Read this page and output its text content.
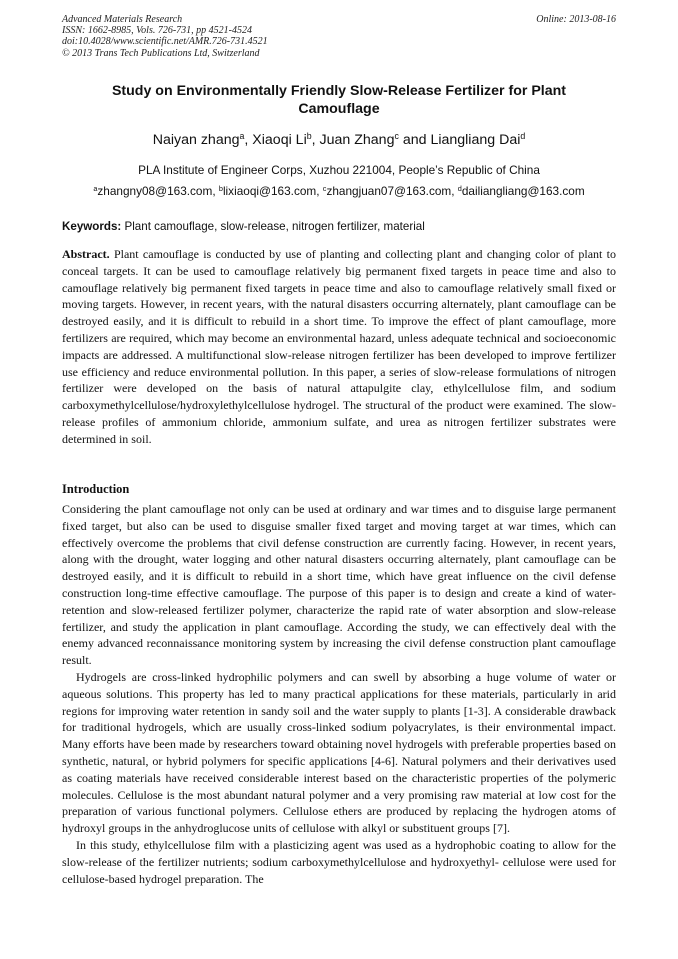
Advanced Materials Research
ISSN: 1662-8985, Vols. 726-731, pp 4521-4524
doi:10.4028/www.scientific.net/AMR.726-731.4521
© 2013 Trans Tech Publications Ltd, Switzerland
Online: 2013-08-16
Study on Environmentally Friendly Slow-Release Fertilizer for Plant Camouflage
Naiyan zhang$^a$, Xiaoqi Li$^b$, Juan Zhang$^c$ and Liangliang Dai$^d$
PLA Institute of Engineer Corps, Xuzhou 221004, People’s Republic of China
$^a$zhangny08@163.com, $^b$lixiaoqi@163.com, $^c$zhangjuan07@163.com, $^d$dailiangliang@163.com
Keywords: Plant camouflage, slow-release, nitrogen fertilizer, material
Abstract. Plant camouflage is conducted by use of planting and collecting plant and changing color of plant to conceal targets. It can be used to camouflage relatively big permanent fixed targets in peace time and also to camouflage relatively big permanent fixed targets in peace time and also to camouflage relatively small fixed or moving targets. However, in recent years, with the natural disasters occurring alternately, plant camouflage can be destroyed easily, and it is difficult to rebuild in a short time. To improve the effect of plant camouflage, more fertilizers are required, which may become an environmental hazard, unless adequate technical and socioeconomic impacts are addressed. A multifunctional slow-release nitrogen fertilizer has been developed to improve fertilizer use efficiency and reduce environmental pollution. In this paper, a series of slow-release formulations of nitrogen fertilizer were developed on the basis of natural attapulgite clay, ethylcellulose film, and sodium carboxymethylcellulose/hydroxylethylcellulose hydrogel. The structural of the product were examined. The slow-release profiles of ammonium chloride, ammonium sulfate, and urea as nitrogen fertilizer substrates were determined in soil.
Introduction

Considering the plant camouflage not only can be used at ordinary and war times and to disguise large permanent fixed target, but also can be used to disguise smaller fixed target and moving target at war times, which can effectively overcome the problems that civil defense construction are currently facing. However, in recent years, along with the drought, water logging and other natural disasters occurring alternately, plant camouflage can be destroyed easily, and it is difficult to rebuild in a short time, which have great influence on the civil defense construction long-time effective camouflage. The purpose of this paper is to design and create a kind of water-retention and slow-released fertilizer polymer, characterize the rapid rate of water absorption and slow-release fertilizer, and study the application in plant camouflage. According the study, we can effectively deal with the enemy advanced reconnaissance monitoring system by increasing the civil defense construction plant camouflage result.

Hydrogels are cross-linked hydrophilic polymers and can swell by absorbing a huge volume of water or aqueous solutions. This property has led to many practical applications for these materials, particularly in arid regions for improving water retention in sandy soil and the water supply to plants [1-3]. A considerable drawback for traditional hydrogels, which are usually cross-linked sodium polyacrylates, is their environmental impact. Many efforts have been made by researchers toward obtaining novel hydrogels with preferable properties based on synthetic, natural, or hybrid polymers for specific applications [4-6]. Natural polymers and their derivatives used as coating materials have received considerable interest based on the characteristic properties of the polymeric molecules. Cellulose is the most abundant natural polymer and a very promising raw material at low cost for the preparation of various functional polymers. Cellulose ethers are produced by replacing the hydrogen atoms of hydroxyl groups in the anhydroglucose units of cellulose with alkyl or substituent groups [7].

In this study, ethylcellulose film with a plasticizing agent was used as a hydrophobic coating to allow for the slow-release of the fertilizer nutrients; sodium carboxymethylcellulose and hydroxyethyl- cellulose were used for cellulose-based hydrogel preparation. The
